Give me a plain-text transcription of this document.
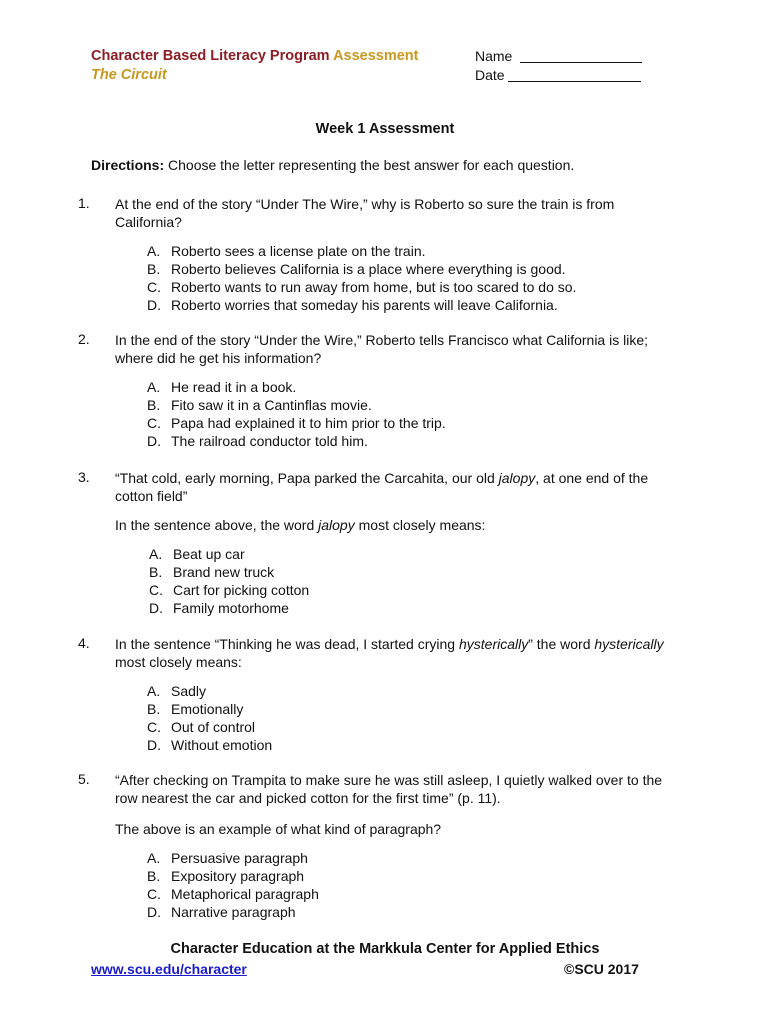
Character Based Literacy Program Assessment
The Circuit
Name
Date
Week 1 Assessment
Directions: Choose the letter representing the best answer for each question.
1. At the end of the story “Under The Wire,” why is Roberto so sure the train is from
California?
A. Roberto sees a license plate on the train.
B. Roberto believes California is a place where everything is good.
C. Roberto wants to run away from home, but is too scared to do so.
D. Roberto worries that someday his parents will leave California.
2. In the end of the story “Under the Wire,” Roberto tells Francisco what California is like;
where did he get his information?
A. He read it in a book.
B. Fito saw it in a Cantinflas movie.
C. Papa had explained it to him prior to the trip.
D. The railroad conductor told him.
3. “That cold, early morning, Papa parked the Carcahita, our old jalopy, at one end of the
cotton field”
In the sentence above, the word jalopy most closely means:
A. Beat up car
B. Brand new truck
C. Cart for picking cotton
D. Family motorhome
4. In the sentence “Thinking he was dead, I started crying hysterically” the word hysterically
most closely means:
A. Sadly
B. Emotionally
C. Out of control
D. Without emotion
5. “After checking on Trampita to make sure he was still asleep, I quietly walked over to the
row nearest the car and picked cotton for the first time” (p. 11).
The above is an example of what kind of paragraph?
A. Persuasive paragraph
B. Expository paragraph
C. Metaphorical paragraph
D. Narrative paragraph
Character Education at the Markkula Center for Applied Ethics
www.scu.edu/character	©SCU 2017
